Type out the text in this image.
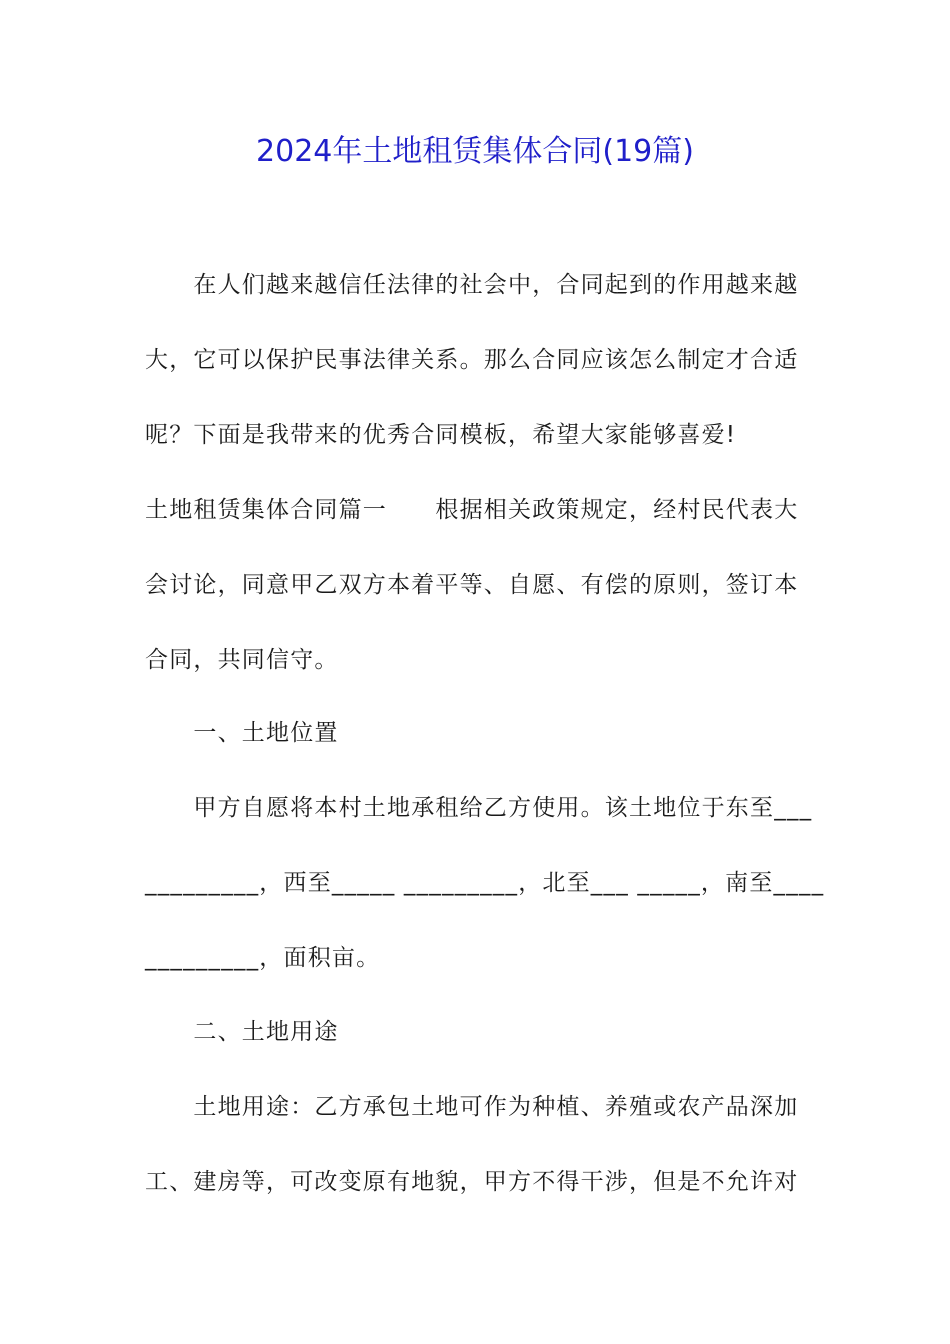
2024年土地租赁集体合同(19篇)
　　在人们越来越信任法律的社会中，合同起到的作用越来越
大，它可以保护民事法律关系。那么合同应该怎么制定才合适
呢？下面是我带来的优秀合同模板，希望大家能够喜爱!
土地租赁集体合同篇一　　根据相关政策规定，经村民代表大
会讨论，同意甲乙双方本着平等、自愿、有偿的原则，签订本
合同，共同信守。
　　一、土地位置
　　甲方自愿将本村土地承租给乙方使用。该土地位于东至___
_________，西至_____ _________，北至___ _____，南至____
_________，面积亩。
　　二、土地用途
　　土地用途：乙方承包土地可作为种植、养殖或农产品深加
工、建房等，可改变原有地貌，甲方不得干涉，但是不允许对
